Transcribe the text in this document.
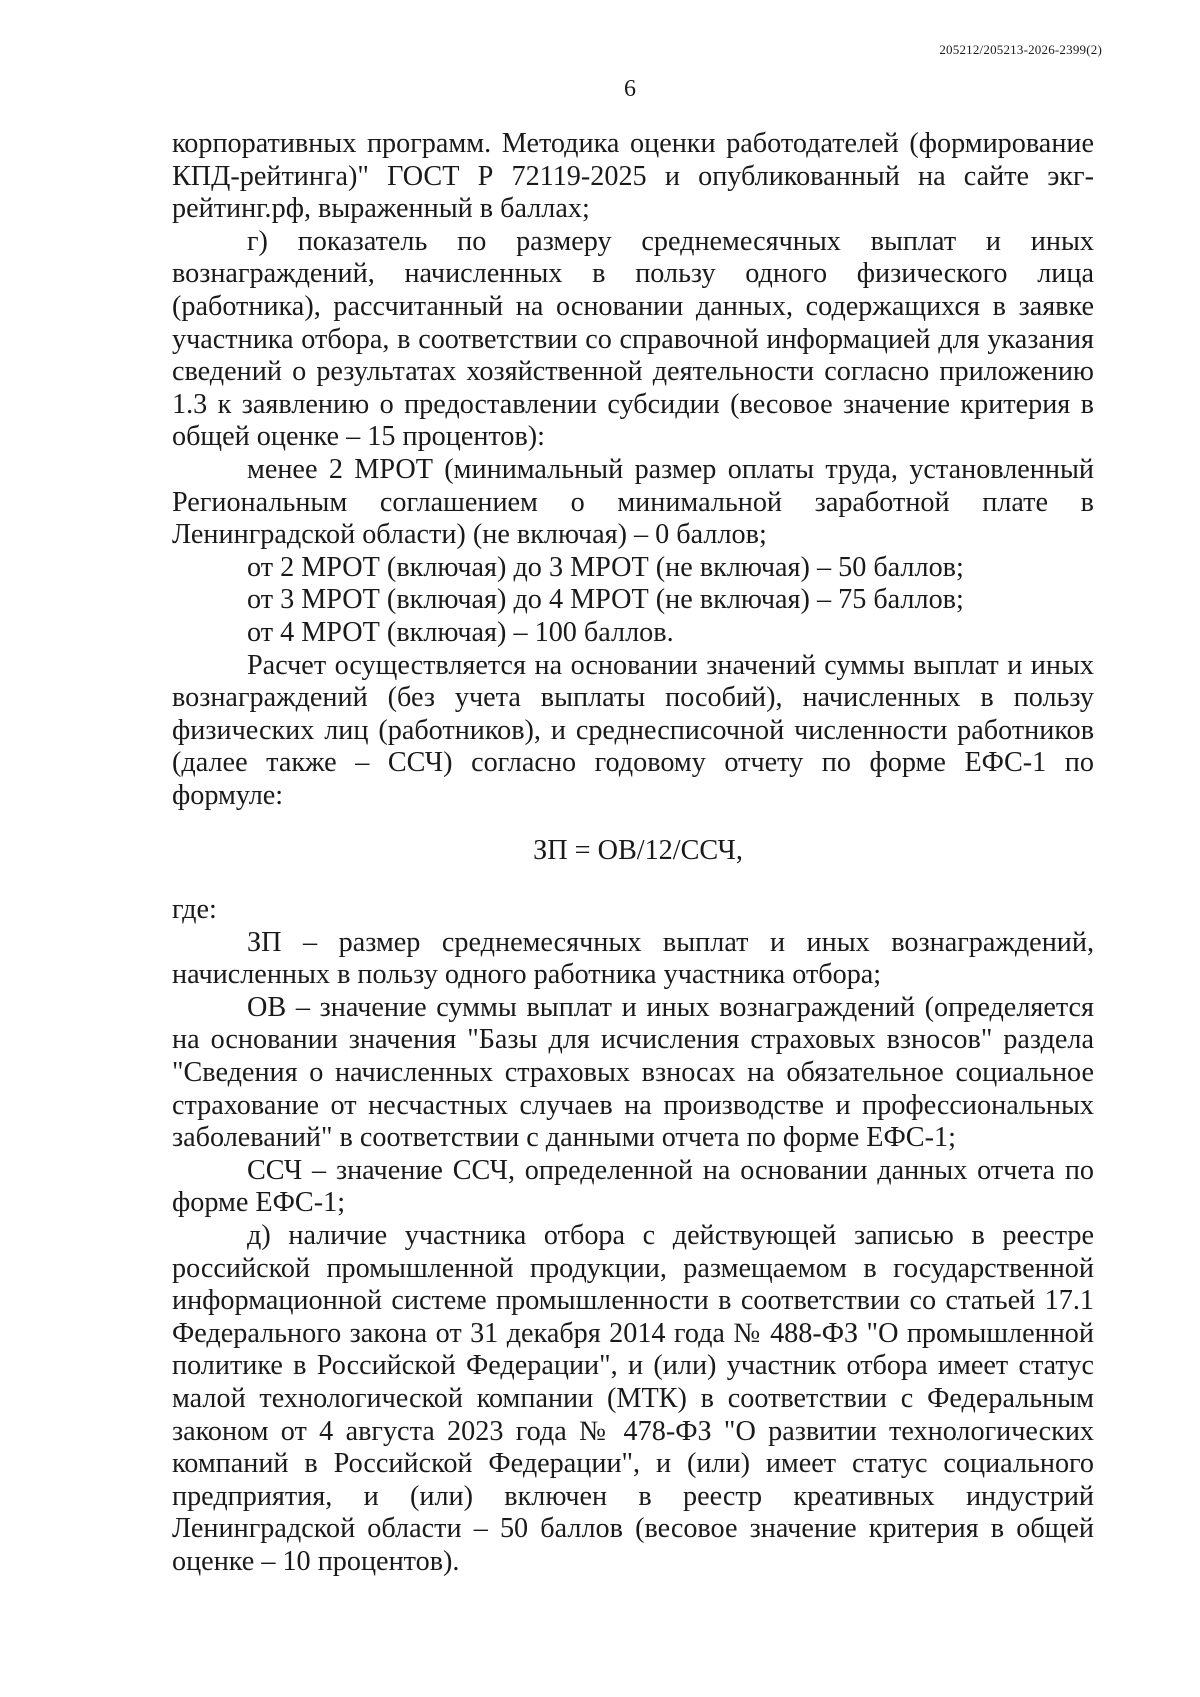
205212/205213-2026-2399(2)
6

корпоративных программ. Методика оценки работодателей (формирование КПД-рейтинга)" ГОСТ Р 72119-2025 и опубликованный на сайте экг-рейтинг.рф, выраженный в баллах;

г) показатель по размеру среднемесячных выплат и иных вознаграждений, начисленных в пользу одного физического лица (работника), рассчитанный на основании данных, содержащихся в заявке участника отбора, в соответствии со справочной информацией для указания сведений о результатах хозяйственной деятельности согласно приложению 1.3 к заявлению о предоставлении субсидии (весовое значение критерия в общей оценке – 15 процентов):

менее 2 МРОТ (минимальный размер оплаты труда, установленный Региональным соглашением о минимальной заработной плате в Ленинградской области) (не включая) – 0 баллов;

от 2 МРОТ (включая) до 3 МРОТ (не включая) – 50 баллов;

от 3 МРОТ (включая) до 4 МРОТ (не включая) – 75 баллов;

от 4 МРОТ (включая) – 100 баллов.

Расчет осуществляется на основании значений суммы выплат и иных вознаграждений (без учета выплаты пособий), начисленных в пользу физических лиц (работников), и среднесписочной численности работников (далее также – ССЧ) согласно годовому отчету по форме ЕФС-1 по формуле:

ЗП = ОВ/12/ССЧ,

где:

ЗП – размер среднемесячных выплат и иных вознаграждений, начисленных в пользу одного работника участника отбора;

ОВ – значение суммы выплат и иных вознаграждений (определяется на основании значения "Базы для исчисления страховых взносов" раздела "Сведения о начисленных страховых взносах на обязательное социальное страхование от несчастных случаев на производстве и профессиональных заболеваний" в соответствии с данными отчета по форме ЕФС-1;

ССЧ – значение ССЧ, определенной на основании данных отчета по форме ЕФС-1;

д) наличие участника отбора с действующей записью в реестре российской промышленной продукции, размещаемом в государственной информационной системе промышленности в соответствии со статьей 17.1 Федерального закона от 31 декабря 2014 года № 488-ФЗ "О промышленной политике в Российской Федерации", и (или) участник отбора имеет статус малой технологической компании (МТК) в соответствии с Федеральным законом от 4 августа 2023 года № 478-ФЗ "О развитии технологических компаний в Российской Федерации", и (или) имеет статус социального предприятия, и (или) включен в реестр креативных индустрий Ленинградской области – 50 баллов (весовое значение критерия в общей оценке – 10 процентов).
